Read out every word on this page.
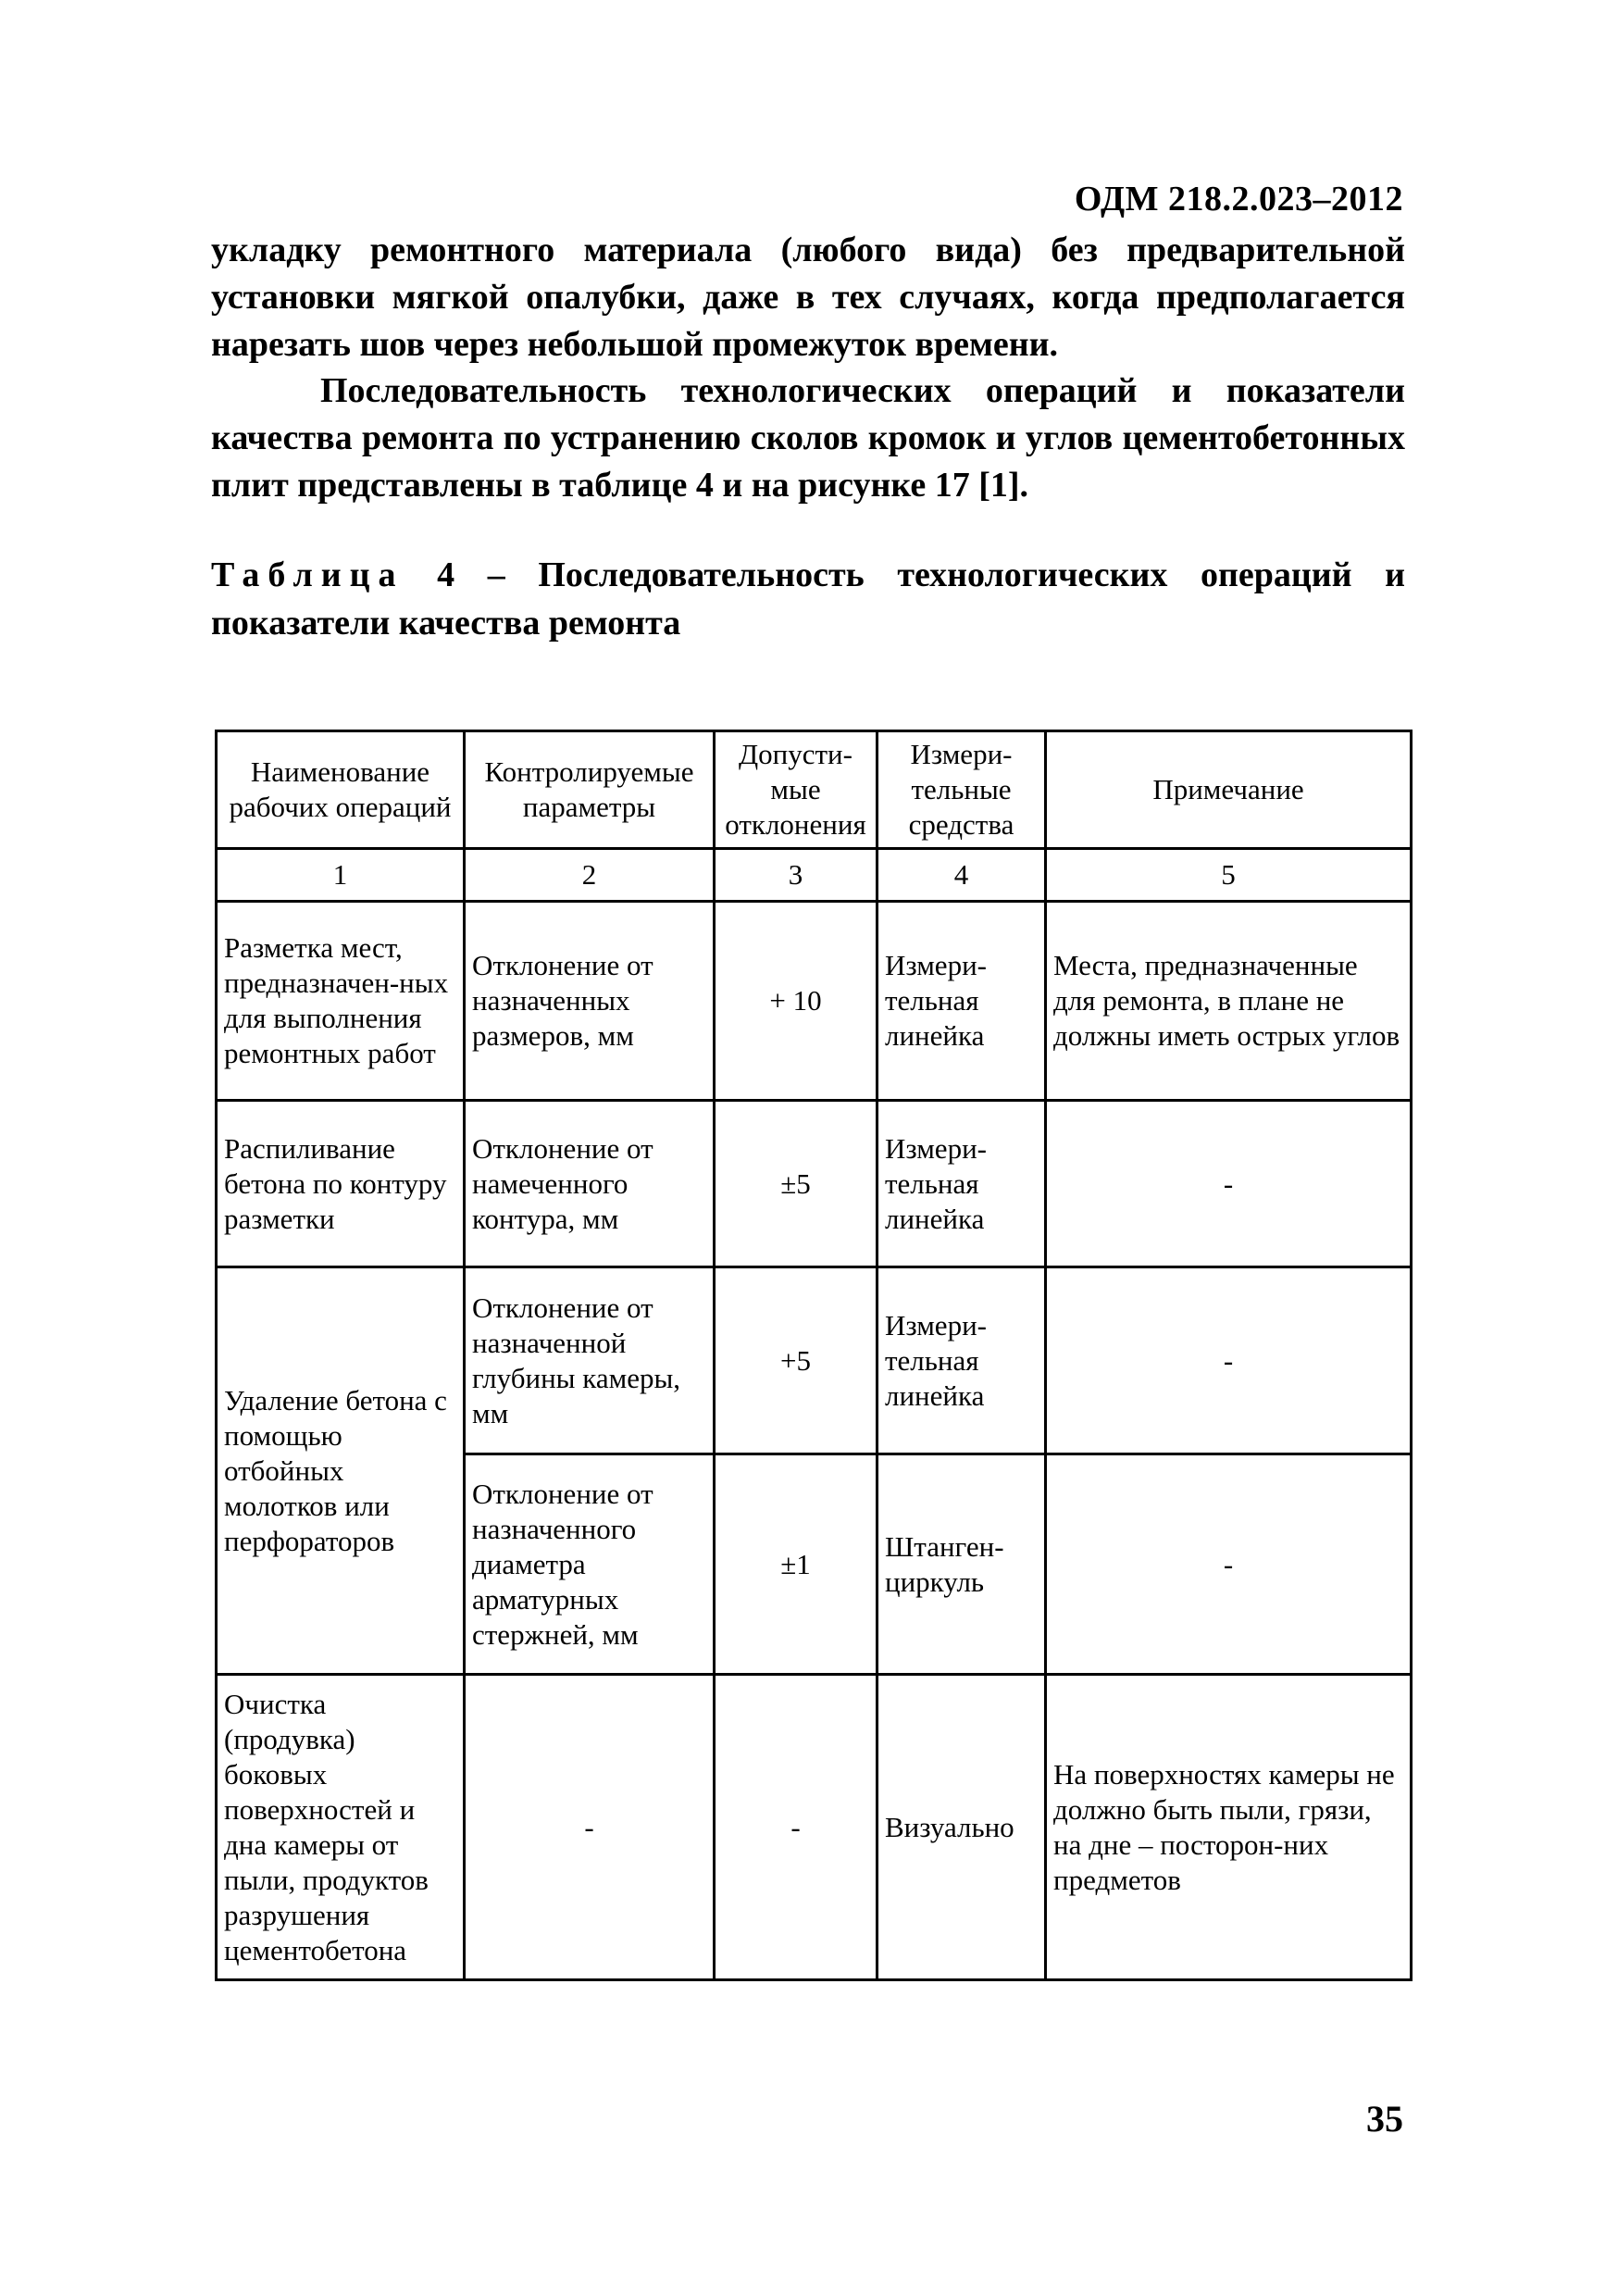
ОДМ 218.2.023–2012
укладку ремонтного материала (любого вида) без предварительной установки мягкой опалубки, даже в тех случаях, когда предполагается нарезать шов через небольшой промежуток времени.
Последовательность технологических операций и показатели качества ремонта по устранению сколов кромок и углов цементобетонных плит представлены в таблице 4 и на рисунке 17 [1].
Таблица 4 – Последовательность технологических операций и
показатели качества ремонта
Наименование рабочих операций	Контролируемые параметры	Допусти-мые отклонения	Измери-тельные средства	Примечание
1	2	3	4	5
Разметка мест, предназначен-ных для выполнения ремонтных работ	Отклонение от назначенных размеров, мм	+ 10	Измери-тельная линейка	Места, предназначенные для ремонта, в плане не должны иметь острых углов
Распиливание бетона по контуру разметки	Отклонение от намеченного контура, мм	±5	Измери-тельная линейка	-
Удаление бетона с помощью отбойных молотков или перфораторов	Отклонение от назначенной глубины камеры, мм	+5	Измери-тельная линейка	-
	Отклонение от назначенного диаметра арматурных стержней, мм	±1	Штанген-циркуль	-
Очистка (продувка) боковых поверхностей и дна камеры от пыли, продуктов разрушения цементобетона	-	-	Визуально	На поверхностях камеры не должно быть пыли, грязи, на дне – посторон-них предметов
35
